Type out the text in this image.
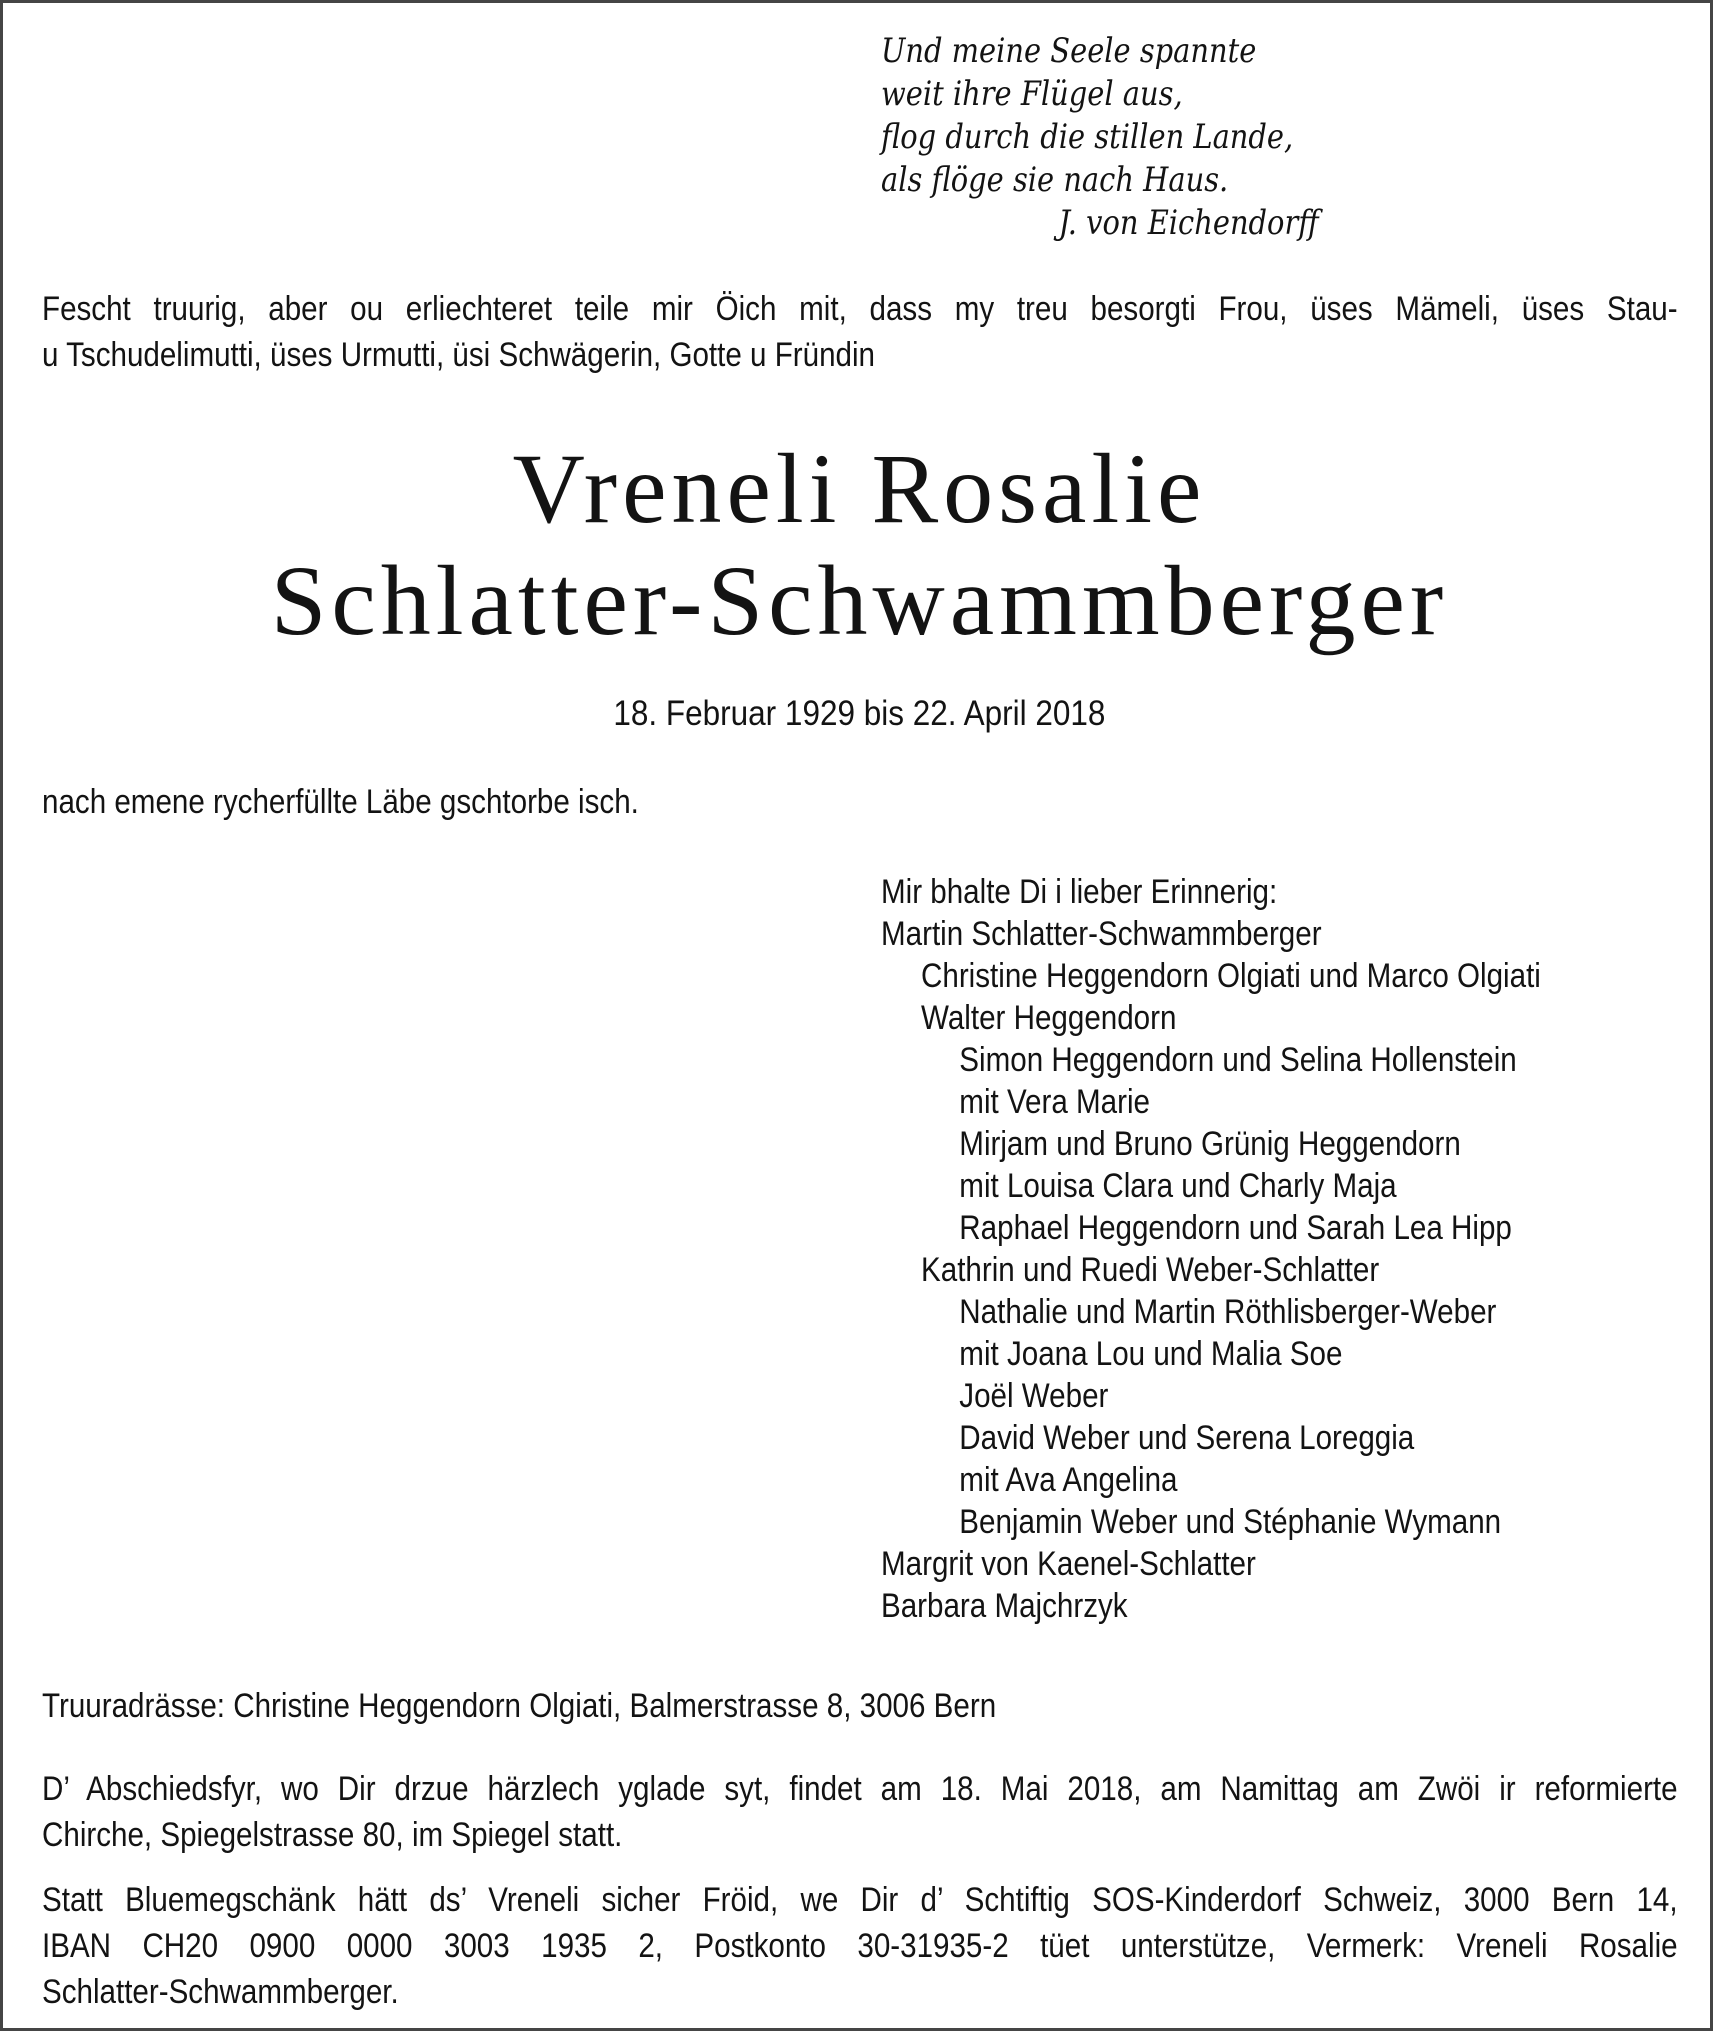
Und meine Seele spannte
weit ihre Flügel aus,
flog durch die stillen Lande,
als flöge sie nach Haus.
J. von Eichendorff
Fescht truurig, aber ou erliechteret teile mir Öich mit, dass my treu besorgti Frou, üses Mämeli, üses Stau-
u Tschudelimutti, üses Urmutti, üsi Schwägerin, Gotte u Fründin
Vreneli Rosalie
Schlatter-Schwammberger
18. Februar 1929 bis 22. April 2018
nach emene rycherfüllte Läbe gschtorbe isch.
Mir bhalte Di i lieber Erinnerig:
Martin Schlatter-Schwammberger
Christine Heggendorn Olgiati und Marco Olgiati
Walter Heggendorn
Simon Heggendorn und Selina Hollenstein
mit Vera Marie
Mirjam und Bruno Grünig Heggendorn
mit Louisa Clara und Charly Maja
Raphael Heggendorn und Sarah Lea Hipp
Kathrin und Ruedi Weber-Schlatter
Nathalie und Martin Röthlisberger-Weber
mit Joana Lou und Malia Soe
Joël Weber
David Weber und Serena Loreggia
mit Ava Angelina
Benjamin Weber und Stéphanie Wymann
Margrit von Kaenel-Schlatter
Barbara Majchrzyk
Truuradrässe: Christine Heggendorn Olgiati, Balmerstrasse 8, 3006 Bern
D’ Abschiedsfyr, wo Dir drzue härzlech yglade syt, findet am 18. Mai 2018, am Namittag am Zwöi ir reformierte
Chirche, Spiegelstrasse 80, im Spiegel statt.
Statt Bluemegschänk hätt ds’ Vreneli sicher Fröid, we Dir d’ Schtiftig SOS-Kinderdorf Schweiz, 3000 Bern 14,
IBAN CH20 0900 0000 3003 1935 2, Postkonto 30-31935-2 tüet unterstütze, Vermerk: Vreneli Rosalie
Schlatter-Schwammberger.
